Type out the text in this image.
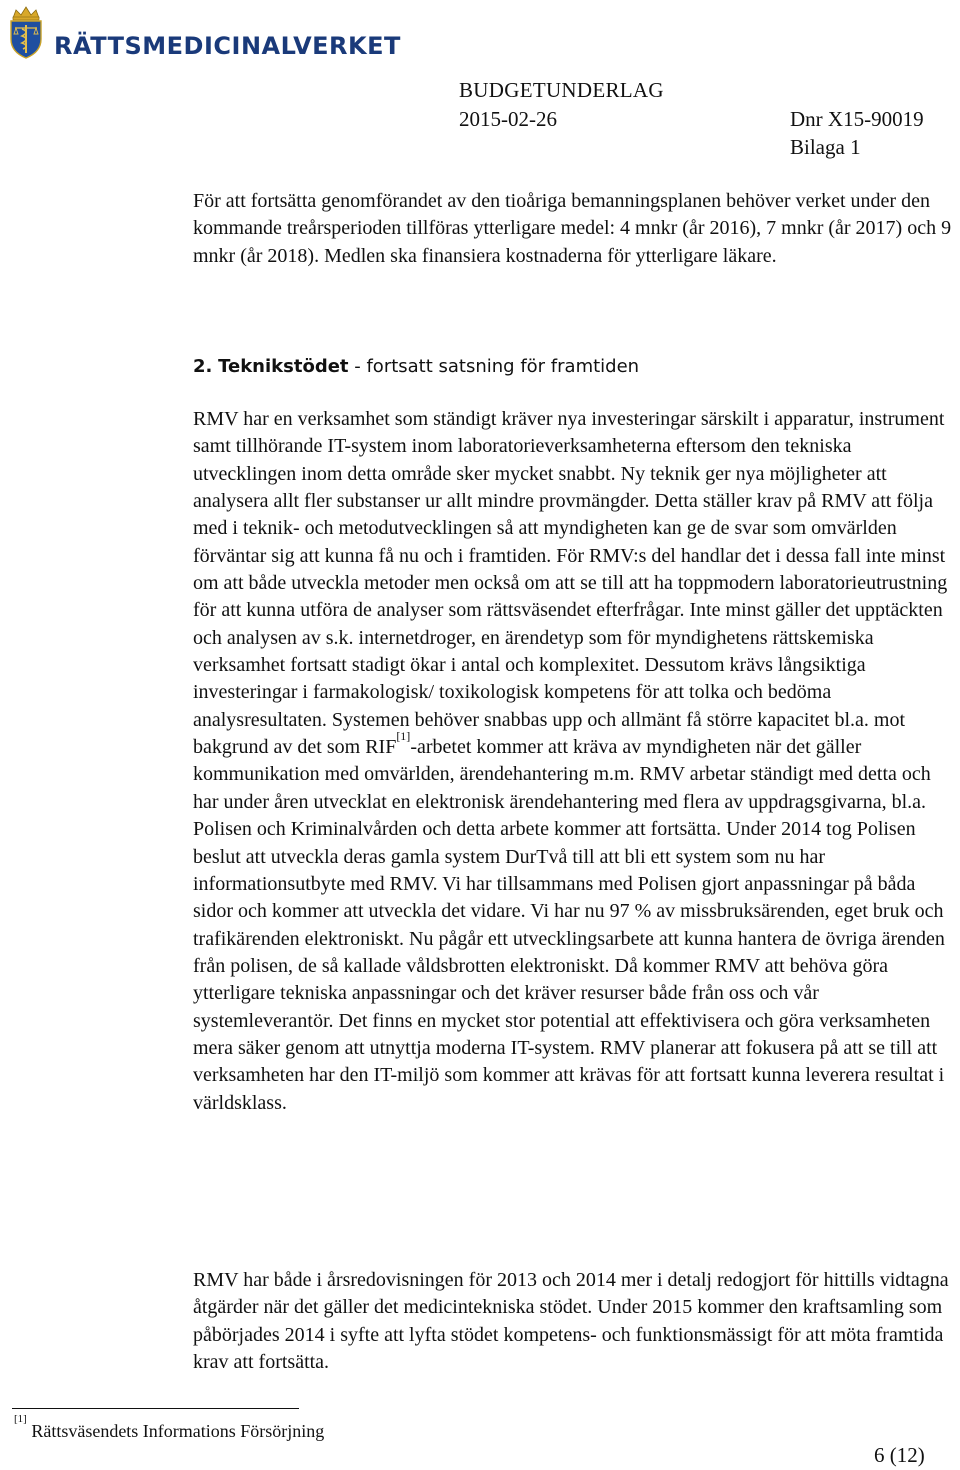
RÄTTSMEDICINALVERKET
BUDGETUNDERLAG
2015-02-26	Dnr X15-90019
Bilaga 1

För att fortsätta genomförandet av den tioåriga bemanningsplanen behöver verket under den kommande treårsperioden tillföras ytterligare medel: 4 mnkr (år 2016), 7 mnkr (år 2017) och 9 mnkr (år 2018). Medlen ska finansiera kostnaderna för ytterligare läkare.

2. Teknikstödet - fortsatt satsning för framtiden

RMV har en verksamhet som ständigt kräver nya investeringar särskilt i apparatur, instrument samt tillhörande IT-system inom laboratorieverksamheterna eftersom den tekniska utvecklingen inom detta område sker mycket snabbt. Ny teknik ger nya möjligheter att analysera allt fler substanser ur allt mindre provmängder. Detta ställer krav på RMV att följa med i teknik- och metodutvecklingen så att myndigheten kan ge de svar som omvärlden förväntar sig att kunna få nu och i framtiden. För RMV:s del handlar det i dessa fall inte minst om att både utveckla metoder men också om att se till att ha toppmodern laboratorieutrustning för att kunna utföra de analyser som rättsväsendet efterfrågar. Inte minst gäller det upptäckten och analysen av s.k. internetdroger, en ärendetyp som för myndighetens rättskemiska verksamhet fortsatt stadigt ökar i antal och komplexitet. Dessutom krävs långsiktiga investeringar i farmakologisk/ toxikologisk kompetens för att tolka och bedöma analysresultaten. Systemen behöver snabbas upp och allmänt få större kapacitet bl.a. mot bakgrund av det som RIF[1]-arbetet kommer att kräva av myndigheten när det gäller kommunikation med omvärlden, ärendehantering m.m. RMV arbetar ständigt med detta och har under åren utvecklat en elektronisk ärendehantering med flera av uppdragsgivarna, bl.a. Polisen och Kriminalvården och detta arbete kommer att fortsätta. Under 2014 tog Polisen beslut att utveckla deras gamla system DurTvå till att bli ett system som nu har informationsutbyte med RMV. Vi har tillsammans med Polisen gjort anpassningar på båda sidor och kommer att utveckla det vidare. Vi har nu 97 % av missbruksärenden, eget bruk och trafikärenden elektroniskt. Nu pågår ett utvecklingsarbete att kunna hantera de övriga ärenden från polisen, de så kallade våldsbrotten elektroniskt. Då kommer RMV att behöva göra ytterligare tekniska anpassningar och det kräver resurser både från oss och vår systemleverantör. Det finns en mycket stor potential att effektivisera och göra verksamheten mera säker genom att utnyttja moderna IT-system. RMV planerar att fokusera på att se till att verksamheten har den IT-miljö som kommer att krävas för att fortsatt kunna leverera resultat i världsklass.

RMV har både i årsredovisningen för 2013 och 2014 mer i detalj redogjort för hittills vidtagna åtgärder när det gäller det medicintekniska stödet. Under 2015 kommer den kraftsamling som påbörjades 2014 i syfte att lyfta stödet kompetens- och funktionsmässigt för att möta framtida krav att fortsätta.

[1] Rättsväsendets Informations Försörjning
6 (12)
